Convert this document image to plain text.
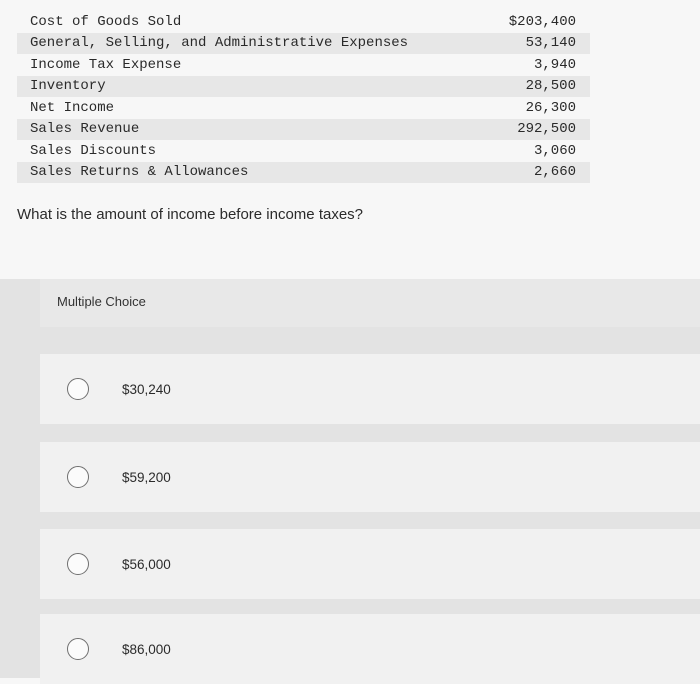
Cost of Goods Sold	$203,400
General, Selling, and Administrative Expenses	53,140
Income Tax Expense	3,940
Inventory	28,500
Net Income	26,300
Sales Revenue	292,500
Sales Discounts	3,060
Sales Returns & Allowances	2,660
What is the amount of income before income taxes?
Multiple Choice
$30,240
$59,200
$56,000
$86,000
